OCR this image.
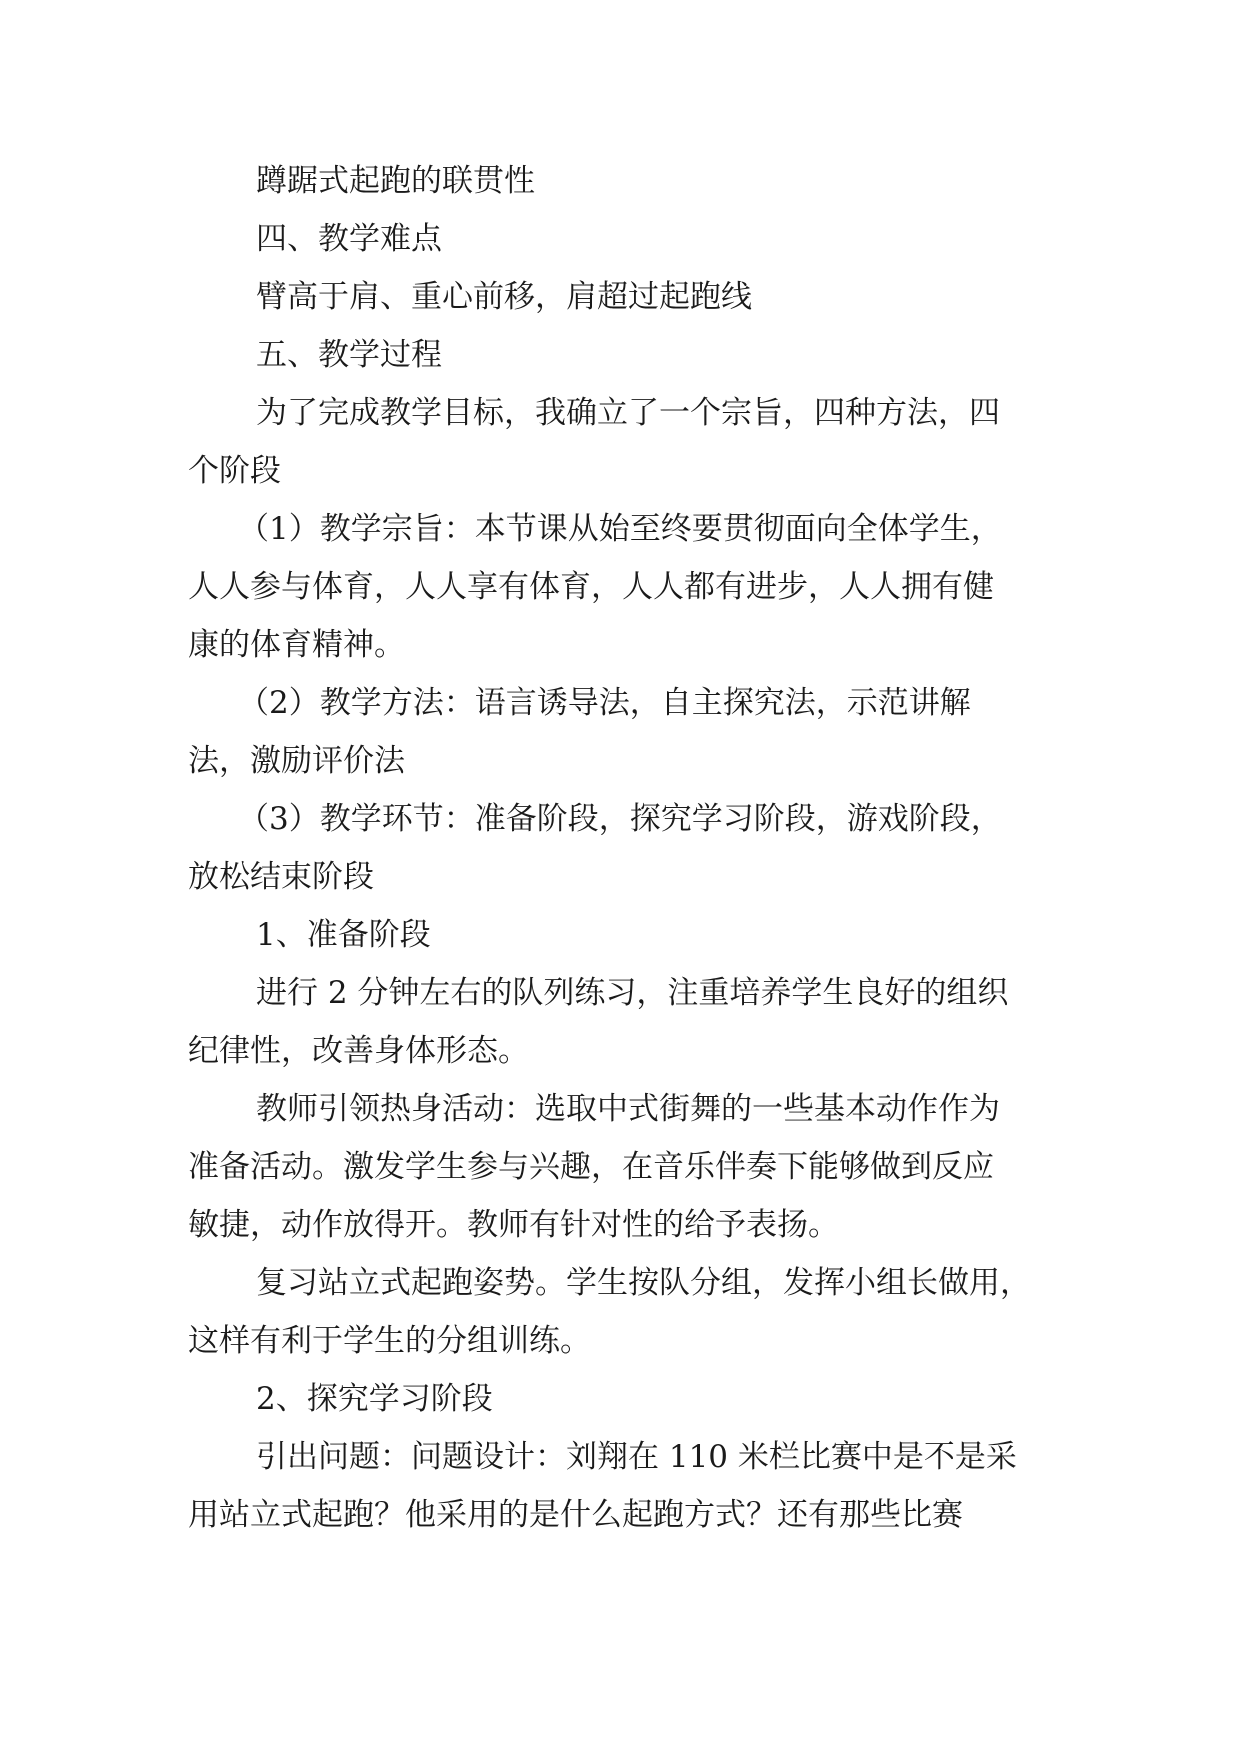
蹲踞式起跑的联贯性
四、教学难点
臂高于肩、重心前移，肩超过起跑线
五、教学过程
为了完成教学目标，我确立了一个宗旨，四种方法，四
个阶段
（1）教学宗旨：本节课从始至终要贯彻面向全体学生，
人人参与体育，人人享有体育，人人都有进步，人人拥有健
康的体育精神。
（2）教学方法：语言诱导法，自主探究法，示范讲解
法，激励评价法
（3）教学环节：准备阶段，探究学习阶段，游戏阶段，
放松结束阶段
1、准备阶段
进行 2 分钟左右的队列练习，注重培养学生良好的组织
纪律性，改善身体形态。
教师引领热身活动：选取中式街舞的一些基本动作作为
准备活动。激发学生参与兴趣，在音乐伴奏下能够做到反应
敏捷，动作放得开。教师有针对性的给予表扬。
复习站立式起跑姿势。学生按队分组，发挥小组长做用，
这样有利于学生的分组训练。
2、探究学习阶段
引出问题：问题设计：刘翔在 110 米栏比赛中是不是采
用站立式起跑？他采用的是什么起跑方式？还有那些比赛
